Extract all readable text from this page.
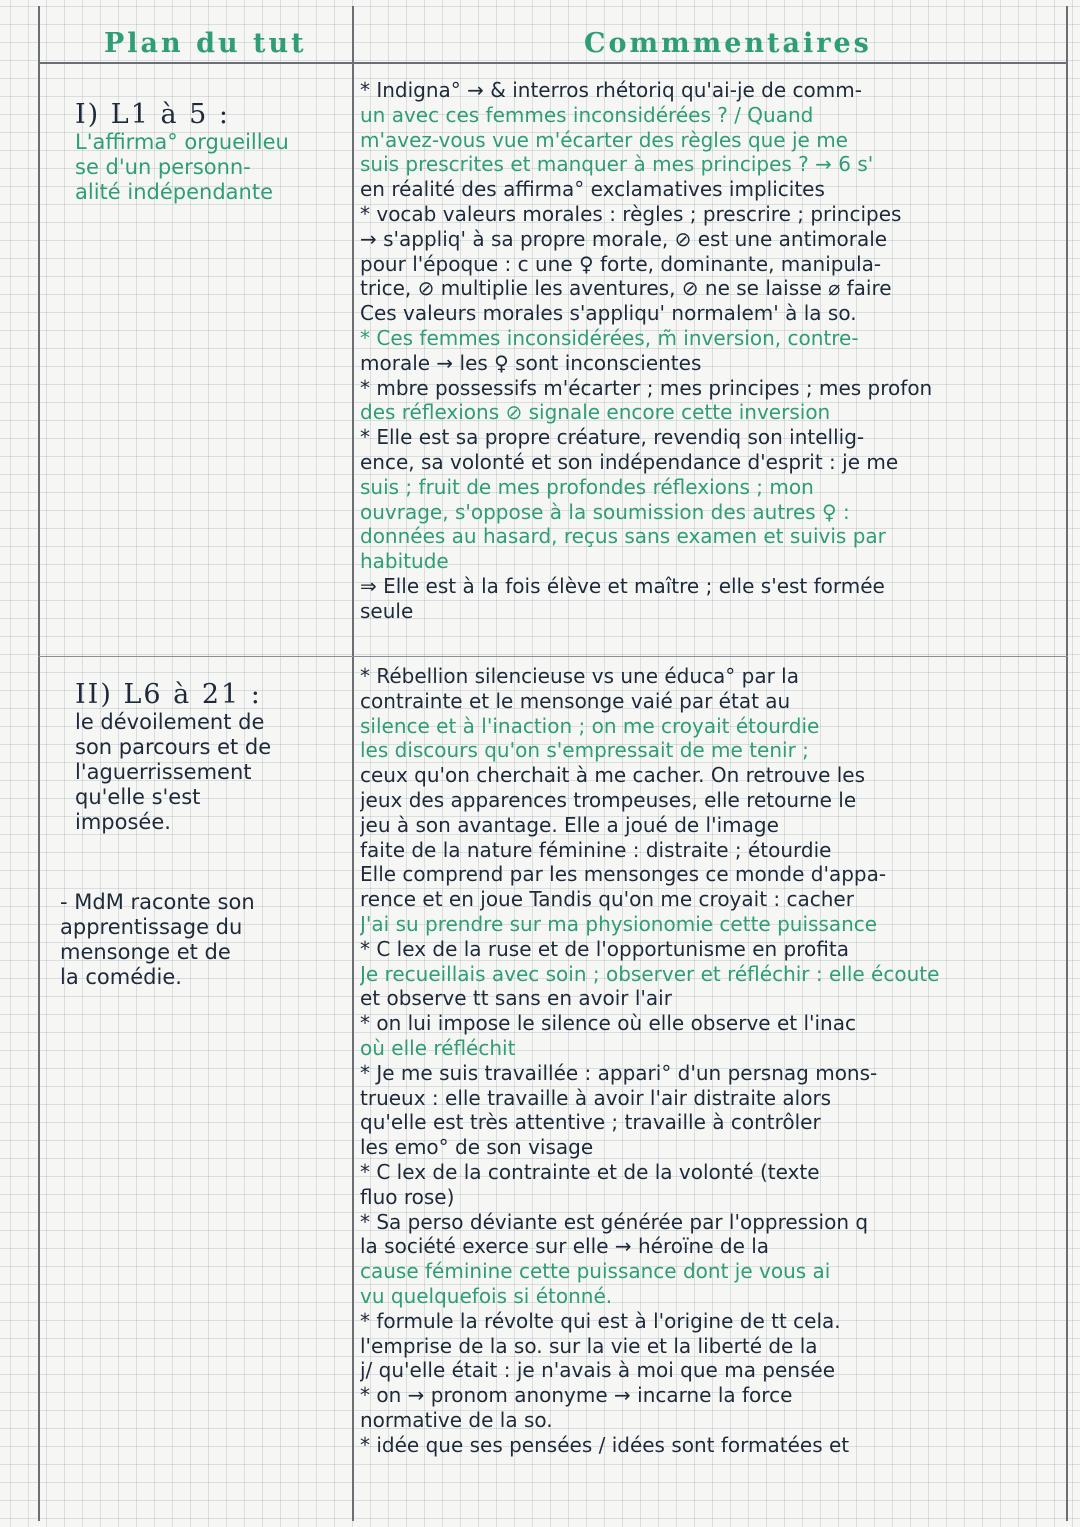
Plan du tut	Commmentaires

I) L1 à 5 :

L'affirma° orgueilleu

se d'un personn-

alité indépendante

* Indigna° → & interros rhétoriq qu'ai-je de comm-

un avec ces femmes inconsidérées ? / Quand

m'avez-vous vue m'écarter des règles que je me

suis prescrites et manquer à mes principes ? → 6 s'

en réalité des affirma° exclamatives implicites

* vocab valeurs morales : règles ; prescrire ; principes

→ s'appliq' à sa propre morale, ⊘ est une antimorale

pour l'époque : c une ♀ forte, dominante, manipula-

trice, ⊘ multiplie les aventures, ⊘ ne se laisse ⌀ faire

Ces valeurs morales s'appliqu' normalem' à la so.

* Ces femmes inconsidérées, m̃ inversion, contre-

morale → les ♀ sont inconscientes

* mbre possessifs m'écarter ; mes principes ; mes profon

des réflexions ⊘ signale encore cette inversion

* Elle est sa propre créature, revendiq son intellig-

ence, sa volonté et son indépendance d'esprit : je me

suis ; fruit de mes profondes réflexions ; mon

ouvrage, s'oppose à la soumission des autres ♀ :

données au hasard, reçus sans examen et suivis par

habitude

⇒ Elle est à la fois élève et maître ; elle s'est formée

seule

II) L6 à 21 :

le dévoilement de

son parcours et de

l'aguerrissement

qu'elle s'est

imposée.

- MdM raconte son

apprentissage du

mensonge et de

la comédie.

* Rébellion silencieuse vs une éduca° par la

contrainte et le mensonge vaié par état au

silence et à l'inaction ; on me croyait étourdie

les discours qu'on s'empressait de me tenir ;

ceux qu'on cherchait à me cacher. On retrouve les

jeux des apparences trompeuses, elle retourne le

jeu à son avantage. Elle a joué de l'image

faite de la nature féminine : distraite ; étourdie

Elle comprend par les mensonges ce monde d'appa-

rence et en joue Tandis qu'on me croyait : cacher

J'ai su prendre sur ma physionomie cette puissance

* C lex de la ruse et de l'opportunisme en profita

Je recueillais avec soin ; observer et réfléchir : elle écoute

et observe tt sans en avoir l'air

* on lui impose le silence où elle observe et l'inac

où elle réfléchit

* Je me suis travaillée : appari° d'un persnag mons-

trueux : elle travaille à avoir l'air distraite alors

qu'elle est très attentive ; travaille à contrôler

les emo° de son visage

* C lex de la contrainte et de la volonté (texte

fluo rose)

* Sa perso déviante est générée par l'oppression q

la société exerce sur elle → héroïne de la

cause féminine cette puissance dont je vous ai

vu quelquefois si étonné.

* formule la révolte qui est à l'origine de tt cela.

l'emprise de la so. sur la vie et la liberté de la

j/ qu'elle était : je n'avais à moi que ma pensée

* on → pronom anonyme → incarne la force

normative de la so.

* idée que ses pensées / idées sont formatées et
